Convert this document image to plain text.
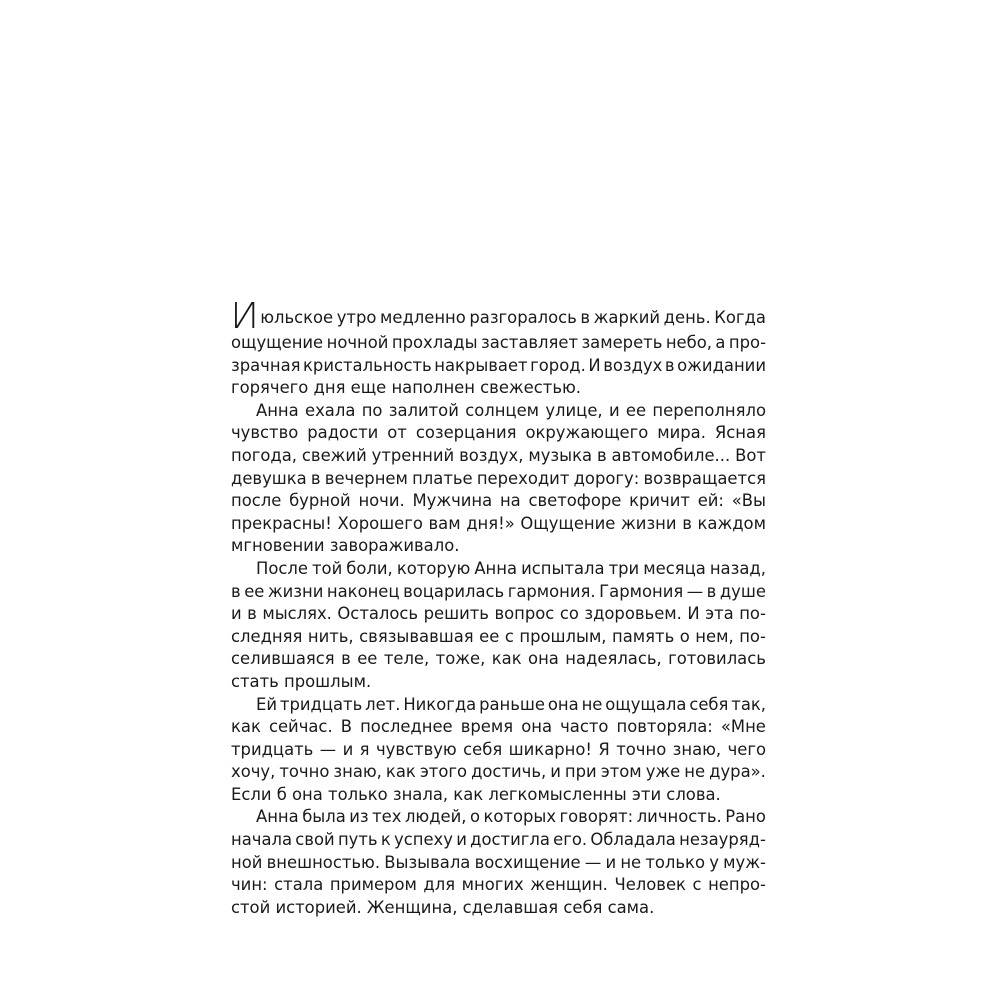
И юльское утро медленно разгоралось в жаркий день. Когда
ощущение ночной прохлады заставляет замереть небо, а про-
зрачная кристальность накрывает город. И воздух в ожидании
горячего дня еще наполнен свежестью.
Анна ехала по залитой солнцем улице, и ее переполняло
чувство радости от созерцания окружающего мира. Ясная
погода, свежий утренний воздух, музыка в автомобиле... Вот
девушка в вечернем платье переходит дорогу: возвращается
после бурной ночи. Мужчина на светофоре кричит ей: «Вы
прекрасны! Хорошего вам дня!» Ощущение жизни в каждом
мгновении завораживало.
После той боли, которую Анна испытала три месяца назад,
в ее жизни наконец воцарилась гармония. Гармония — в душе
и в мыслях. Осталось решить вопрос со здоровьем. И эта по-
следняя нить, связывавшая ее с прошлым, память о нем, по-
селившаяся в ее теле, тоже, как она надеялась, готовилась
стать прошлым.
Ей тридцать лет. Никогда раньше она не ощущала себя так,
как сейчас. В последнее время она часто повторяла: «Мне
тридцать — и я чувствую себя шикарно! Я точно знаю, чего
хочу, точно знаю, как этого достичь, и при этом уже не дура».
Если б она только знала, как легкомысленны эти слова.
Анна была из тех людей, о которых говорят: личность. Рано
начала свой путь к успеху и достигла его. Обладала незауряд-
ной внешностью. Вызывала восхищение — и не только у муж-
чин: стала примером для многих женщин. Человек с непро-
стой историей. Женщина, сделавшая себя сама.
